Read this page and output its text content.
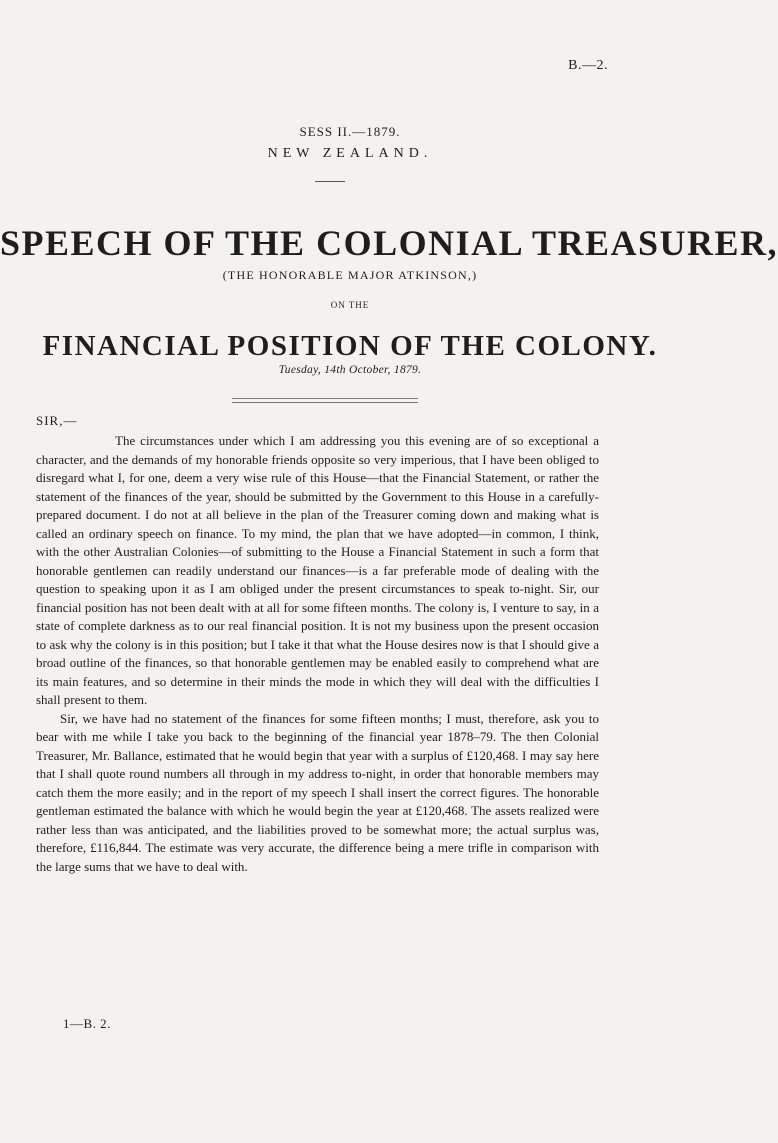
B.—2.
SESS II.—1879.
NEW ZEALAND.
SPEECH OF THE COLONIAL TREASURER,
(THE HONORABLE MAJOR ATKINSON,)
ON THE
FINANCIAL POSITION OF THE COLONY.
Tuesday, 14th October, 1879.
SIR,—

The circumstances under which I am addressing you this evening are of so exceptional a character, and the demands of my honorable friends opposite so very imperious, that I have been obliged to disregard what I, for one, deem a very wise rule of this House—that the Financial Statement, or rather the statement of the finances of the year, should be submitted by the Government to this House in a carefully-prepared document. I do not at all believe in the plan of the Treasurer coming down and making what is called an ordinary speech on finance. To my mind, the plan that we have adopted—in common, I think, with the other Australian Colonies—of submitting to the House a Financial Statement in such a form that honorable gentlemen can readily understand our finances—is a far preferable mode of dealing with the question to speaking upon it as I am obliged under the present circumstances to speak to-night. Sir, our financial position has not been dealt with at all for some fifteen months. The colony is, I venture to say, in a state of complete darkness as to our real financial position. It is not my business upon the present occasion to ask why the colony is in this position; but I take it that what the House desires now is that I should give a broad outline of the finances, so that honorable gentlemen may be enabled easily to comprehend what are its main features, and so determine in their minds the mode in which they will deal with the difficulties I shall present to them.

Sir, we have had no statement of the finances for some fifteen months; I must, therefore, ask you to bear with me while I take you back to the beginning of the financial year 1878–79. The then Colonial Treasurer, Mr. Ballance, estimated that he would begin that year with a surplus of £120,468. I may say here that I shall quote round numbers all through in my address to-night, in order that honorable members may catch them the more easily; and in the report of my speech I shall insert the correct figures. The honorable gentleman estimated the balance with which he would begin the year at £120,468. The assets realized were rather less than was anticipated, and the liabilities proved to be somewhat more; the actual surplus was, therefore, £116,844. The estimate was very accurate, the difference being a mere trifle in comparison with the large sums that we have to deal with.

1—B. 2.
